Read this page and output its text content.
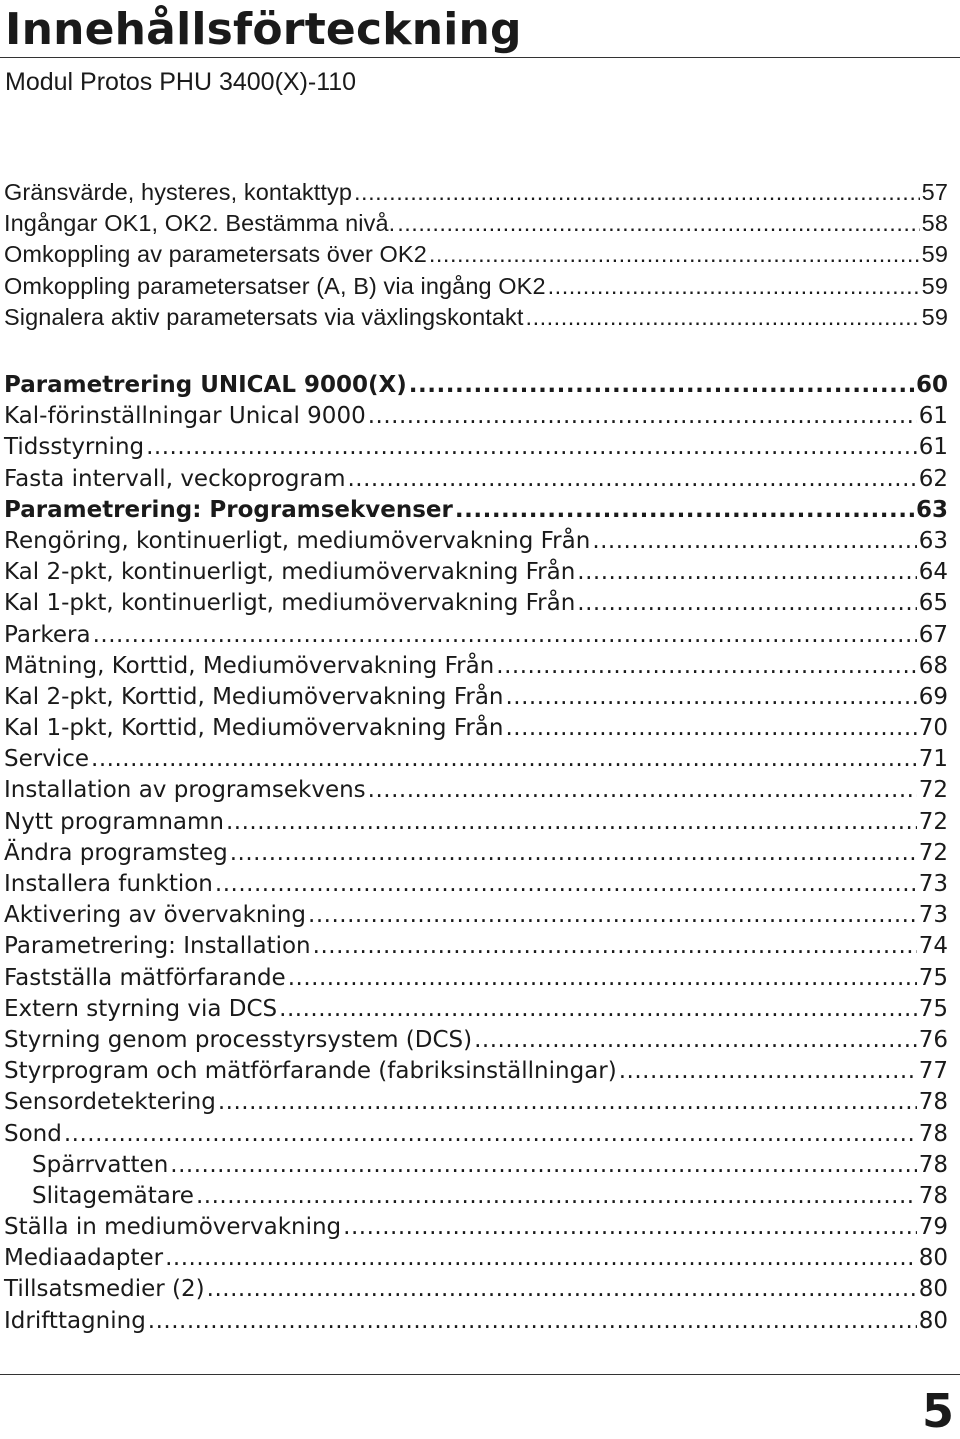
Innehållsförteckning

Modul Protos PHU 3400(X)-110

Gränsvärde, hysteres, kontakttyp .....	57
Ingångar OK1, OK2. Bestämma nivå. .....	58
Omkoppling av parametersats över OK2 .....	59
Omkoppling parametersatser (A, B) via ingång OK2 .....	59
Signalera aktiv parametersats via växlingskontakt .....	59
Parametrering UNICAL 9000(X) .....	60
Kal-förinställningar Unical 9000 .....	61
Tidsstyrning .....	61
Fasta intervall, veckoprogram .....	62
Parametrering: Programsekvenser .....	63
Rengöring, kontinuerligt, mediumövervakning Från .....	63
Kal 2-pkt, kontinuerligt, mediumövervakning Från .....	64
Kal 1-pkt, kontinuerligt, mediumövervakning Från .....	65
Parkera .....	67
Mätning, Korttid, Mediumövervakning Från .....	68
Kal 2-pkt, Korttid, Mediumövervakning Från .....	69
Kal 1-pkt, Korttid, Mediumövervakning Från .....	70
Service .....	71
Installation av programsekvens .....	72
Nytt programnamn .....	72
Ändra programsteg .....	72
Installera funktion .....	73
Aktivering av övervakning .....	73
Parametrering: Installation .....	74
Fastställa mätförfarande .....	75
Extern styrning via DCS .....	75
Styrning genom processtyrsystem (DCS) .....	76
Styrprogram och mätförfarande (fabriksinställningar) .....	77
Sensordetektering .....	78
Sond .....	78
Spärrvatten .....	78
Slitagemätare .....	78
Ställa in mediumövervakning .....	79
Mediaadapter .....	80
Tillsatsmedier (2) .....	80
Idrifttagning .....	80

5
